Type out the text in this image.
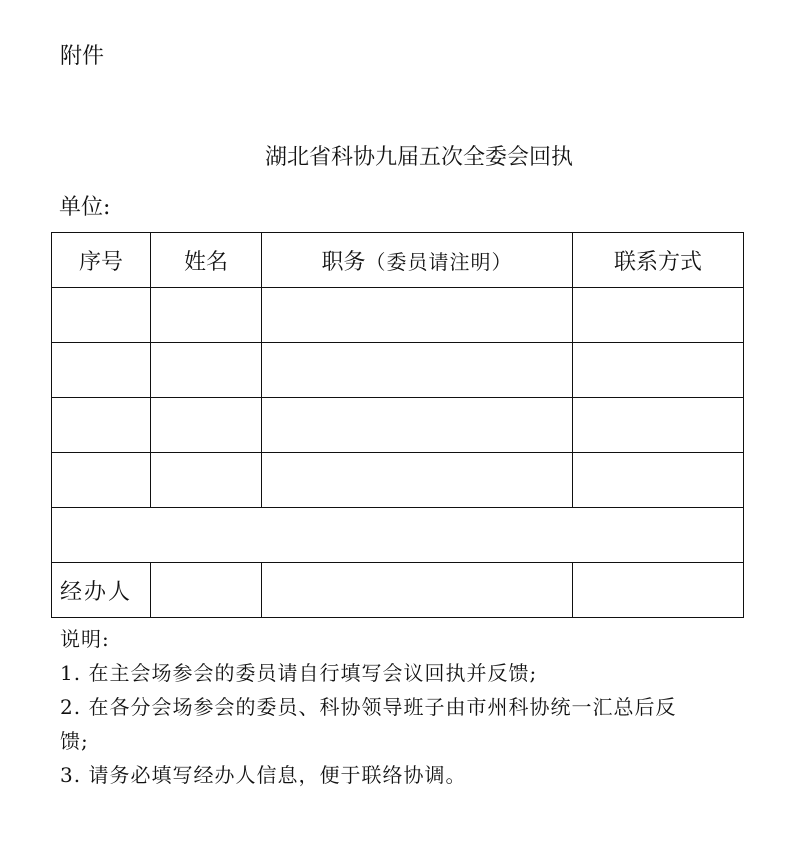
附件
湖北省科协九届五次全委会回执
单位:
序号	姓名	职务（委员请注明）	联系方式

经办人			
说明:
1. 在主会场参会的委员请自行填写会议回执并反馈;
2. 在各分会场参会的委员、科协领导班子由市州科协统一汇总后反
馈;
3. 请务必填写经办人信息，便于联络协调。
